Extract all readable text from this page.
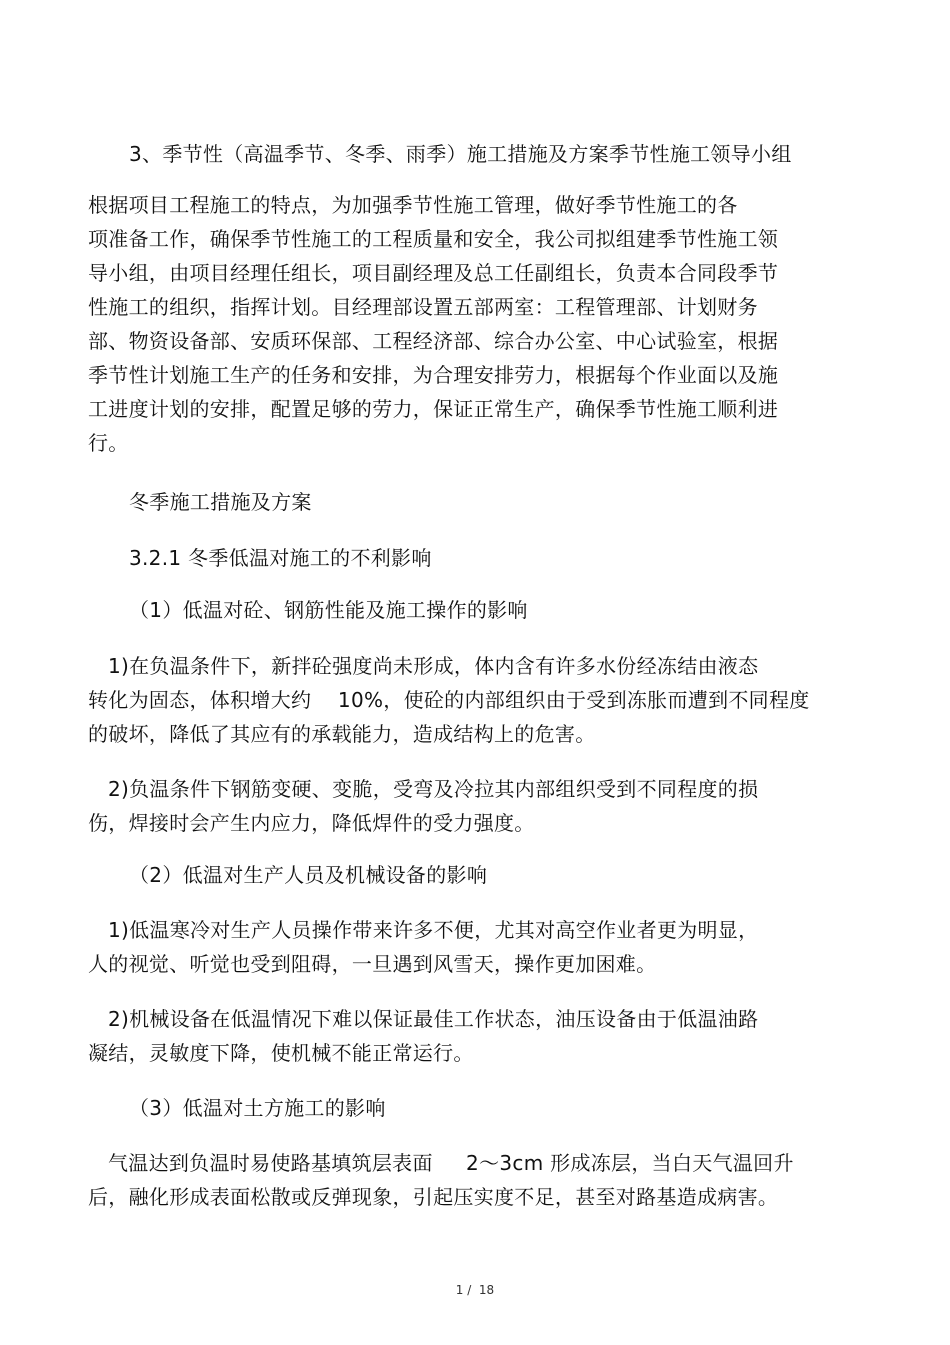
3、季节性（高温季节、冬季、雨季）施工措施及方案季节性施工领导小组
根据项目工程施工的特点，为加强季节性施工管理，做好季节性施工的各
项准备工作，确保季节性施工的工程质量和安全，我公司拟组建季节性施工领
导小组，由项目经理任组长，项目副经理及总工任副组长，负责本合同段季节
性施工的组织，指挥计划。目经理部设置五部两室：工程管理部、计划财务
部、物资设备部、安质环保部、工程经济部、综合办公室、中心试验室，根据
季节性计划施工生产的任务和安排，为合理安排劳力，根据每个作业面以及施
工进度计划的安排，配置足够的劳力，保证正常生产，确保季节性施工顺利进
行。
冬季施工措施及方案
3.2.1 冬季低温对施工的不利影响
（1）低温对砼、钢筋性能及施工操作的影响
1)在负温条件下，新拌砼强度尚未形成，体内含有许多水份经冻结由液态
转化为固态，体积增大约    10%，使砼的内部组织由于受到冻胀而遭到不同程度
的破坏，降低了其应有的承载能力，造成结构上的危害。
2)负温条件下钢筋变硬、变脆，受弯及冷拉其内部组织受到不同程度的损
伤，焊接时会产生内应力，降低焊件的受力强度。
（2）低温对生产人员及机械设备的影响
1)低温寒冷对生产人员操作带来许多不便，尤其对高空作业者更为明显，
人的视觉、听觉也受到阻碍，一旦遇到风雪天，操作更加困难。
2)机械设备在低温情况下难以保证最佳工作状态，油压设备由于低温油路
凝结，灵敏度下降，使机械不能正常运行。
（3）低温对土方施工的影响
气温达到负温时易使路基填筑层表面     2～3cm 形成冻层，当白天气温回升
后，融化形成表面松散或反弹现象，引起压实度不足，甚至对路基造成病害。
1 /  18
